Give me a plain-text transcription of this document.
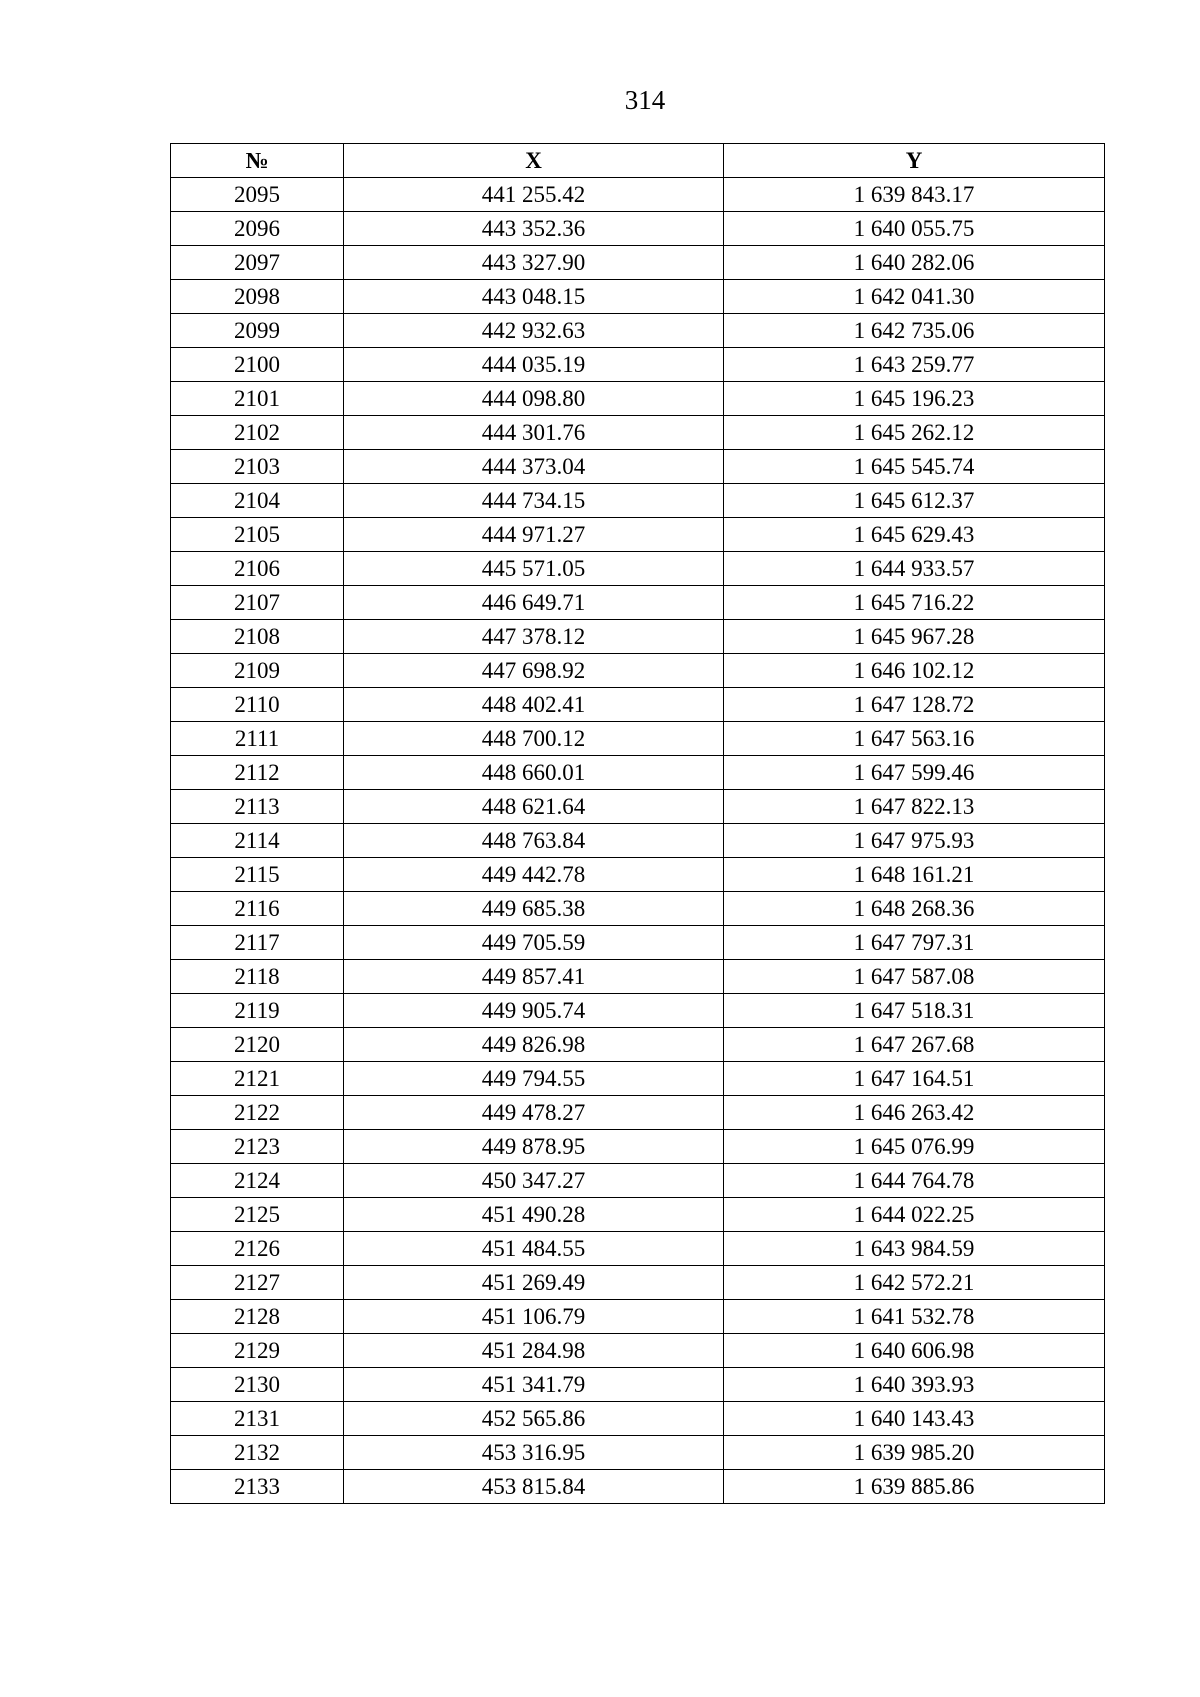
314
№	X	Y
2095	441 255.42	1 639 843.17
2096	443 352.36	1 640 055.75
2097	443 327.90	1 640 282.06
2098	443 048.15	1 642 041.30
2099	442 932.63	1 642 735.06
2100	444 035.19	1 643 259.77
2101	444 098.80	1 645 196.23
2102	444 301.76	1 645 262.12
2103	444 373.04	1 645 545.74
2104	444 734.15	1 645 612.37
2105	444 971.27	1 645 629.43
2106	445 571.05	1 644 933.57
2107	446 649.71	1 645 716.22
2108	447 378.12	1 645 967.28
2109	447 698.92	1 646 102.12
2110	448 402.41	1 647 128.72
2111	448 700.12	1 647 563.16
2112	448 660.01	1 647 599.46
2113	448 621.64	1 647 822.13
2114	448 763.84	1 647 975.93
2115	449 442.78	1 648 161.21
2116	449 685.38	1 648 268.36
2117	449 705.59	1 647 797.31
2118	449 857.41	1 647 587.08
2119	449 905.74	1 647 518.31
2120	449 826.98	1 647 267.68
2121	449 794.55	1 647 164.51
2122	449 478.27	1 646 263.42
2123	449 878.95	1 645 076.99
2124	450 347.27	1 644 764.78
2125	451 490.28	1 644 022.25
2126	451 484.55	1 643 984.59
2127	451 269.49	1 642 572.21
2128	451 106.79	1 641 532.78
2129	451 284.98	1 640 606.98
2130	451 341.79	1 640 393.93
2131	452 565.86	1 640 143.43
2132	453 316.95	1 639 985.20
2133	453 815.84	1 639 885.86
